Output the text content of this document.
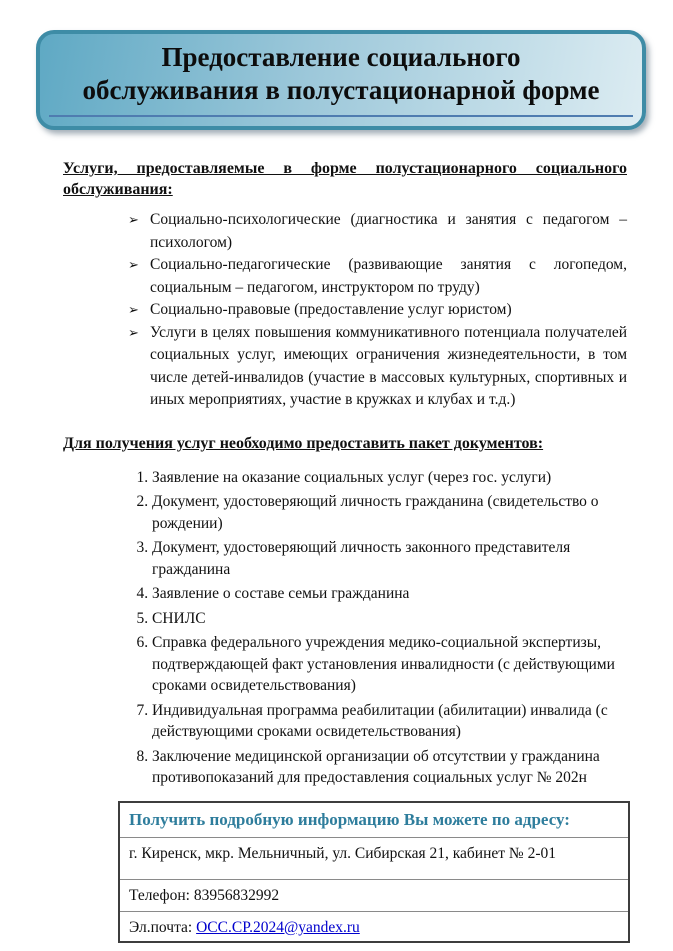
Предоставление социального
обслуживания в полустационарной форме

Услуги, предоставляемые в форме полустационарного социального обслуживания:

➢ Социально-психологические (диагностика и занятия с педагогом – психологом)
➢ Социально-педагогические (развивающие занятия с логопедом, социальным – педагогом, инструктором по труду)
➢ Социально-правовые (предоставление услуг юристом)
➢ Услуги в целях повышения коммуникативного потенциала получателей социальных услуг, имеющих ограничения жизнедеятельности, в том числе детей-инвалидов (участие в массовых культурных, спортивных и иных мероприятиях, участие в кружках и клубах и т.д.)

Для получения услуг необходимо предоставить пакет документов:

1. Заявление на оказание социальных услуг (через гос. услуги)
2. Документ, удостоверяющий личность гражданина (свидетельство о рождении)
3. Документ, удостоверяющий личность законного представителя гражданина
4. Заявление о составе семьи гражданина
5. СНИЛС
6. Справка федерального учреждения медико-социальной экспертизы, подтверждающей факт установления инвалидности (с действующими сроками освидетельствования)
7. Индивидуальная программа реабилитации (абилитации) инвалида (с действующими сроками освидетельствования)
8. Заключение медицинской организации об отсутствии у гражданина противопоказаний для предоставления социальных услуг № 202н
Получить подробную информацию Вы можете по адресу:
г. Киренск, мкр. Мельничный, ул. Сибирская 21, кабинет № 2-01
Телефон: 83956832992
Эл.почта: OCC.CP.2024@yandex.ru
